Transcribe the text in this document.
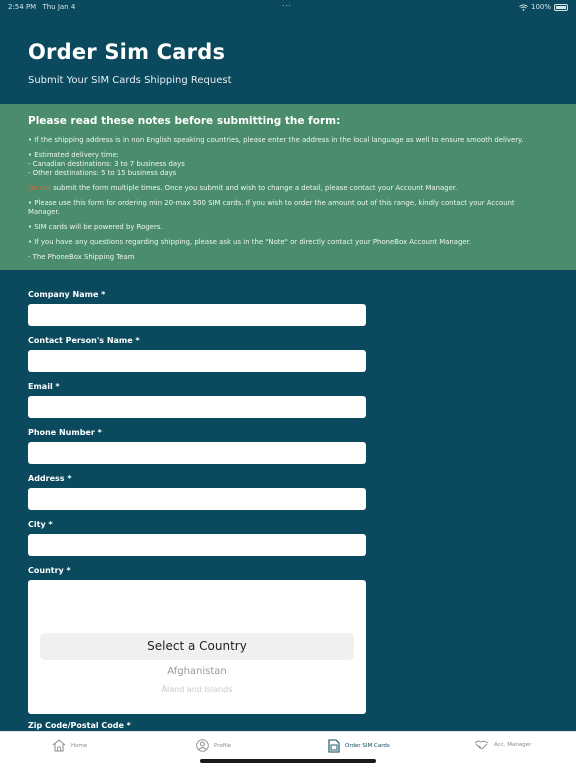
2:54 PM Thu Jan 4	···	100%
Order Sim Cards
Submit Your SIM Cards Shipping Request
Please read these notes before submitting the form:

• If the shipping address is in non English speaking countries, please enter the address in the local language as well to ensure smooth delivery.

• Estimated delivery time:
- Canadian destinations: 3 to 7 business days
- Other destinations: 5 to 15 business days

Do not submit the form multiple times. Once you submit and wish to change a detail, please contact your Account Manager.

• Please use this form for ordering min 20-max 500 SIM cards. If you wish to order the amount out of this range, kindly contact your Account Manager.

• SIM cards will be powered by Rogers.

• If you have any questions regarding shipping, please ask us in the "Note" or directly contact your PhoneBox Account Manager.

- The PhoneBox Shipping Team

Company Name *
Contact Person's Name *
Email *
Phone Number *
Address *
City *
Country *
Select a Country
Afghanistan
Åland and Islands
Zip Code/Postal Code *
Home	Profile	Order SIM Cards	Acc. Manager
